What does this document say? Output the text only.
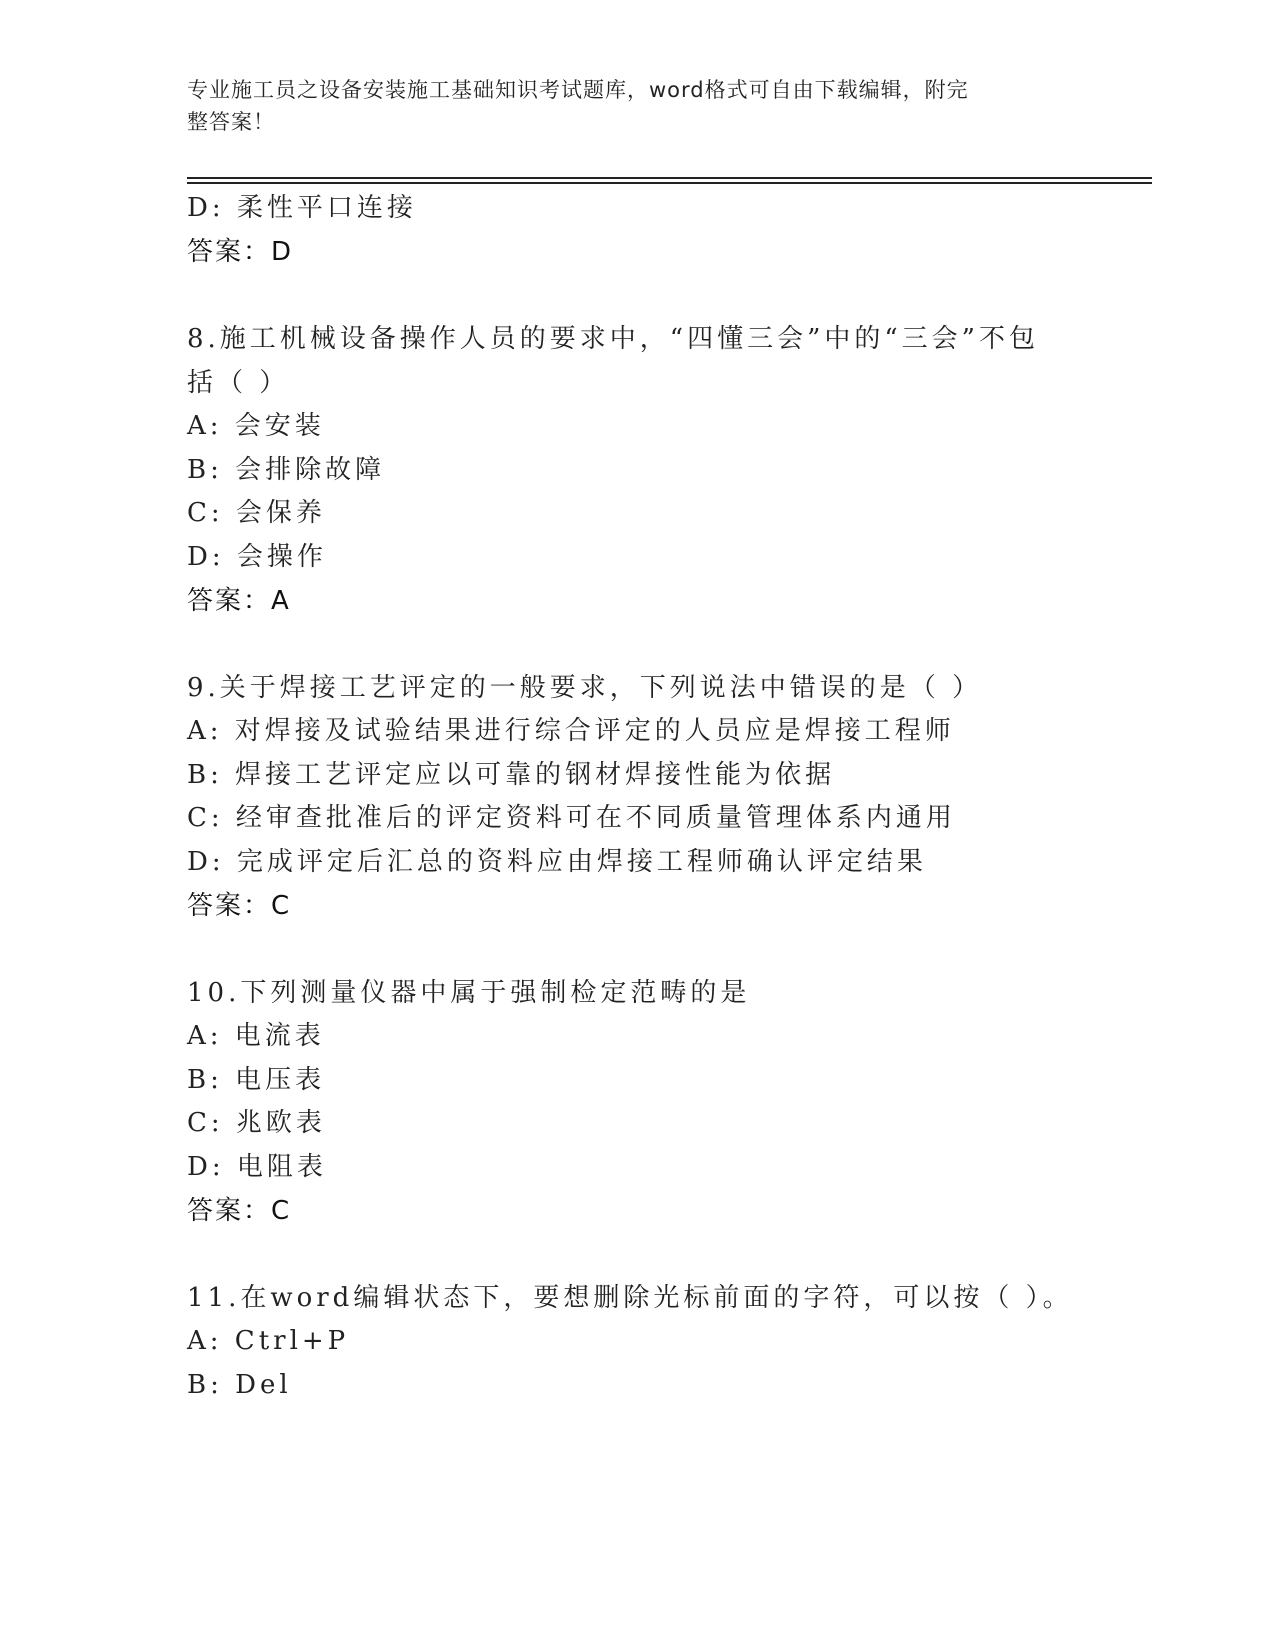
专业施工员之设备安装施工基础知识考试题库，word格式可自由下载编辑，附完
整答案！
D: 柔性平口连接
答案：D
8.施工机械设备操作人员的要求中，“四懂三会”中的“三会”不包
括（ ）
A: 会安装
B: 会排除故障
C: 会保养
D: 会操作
答案：A
9.关于焊接工艺评定的一般要求，下列说法中错误的是（ ）
A: 对焊接及试验结果进行综合评定的人员应是焊接工程师
B: 焊接工艺评定应以可靠的钢材焊接性能为依据
C: 经审查批准后的评定资料可在不同质量管理体系内通用
D: 完成评定后汇总的资料应由焊接工程师确认评定结果
答案：C
10.下列测量仪器中属于强制检定范畴的是
A: 电流表
B: 电压表
C: 兆欧表
D: 电阻表
答案：C
11.在word编辑状态下，要想删除光标前面的字符，可以按（ ）。
A: Ctrl+P
B: Del
